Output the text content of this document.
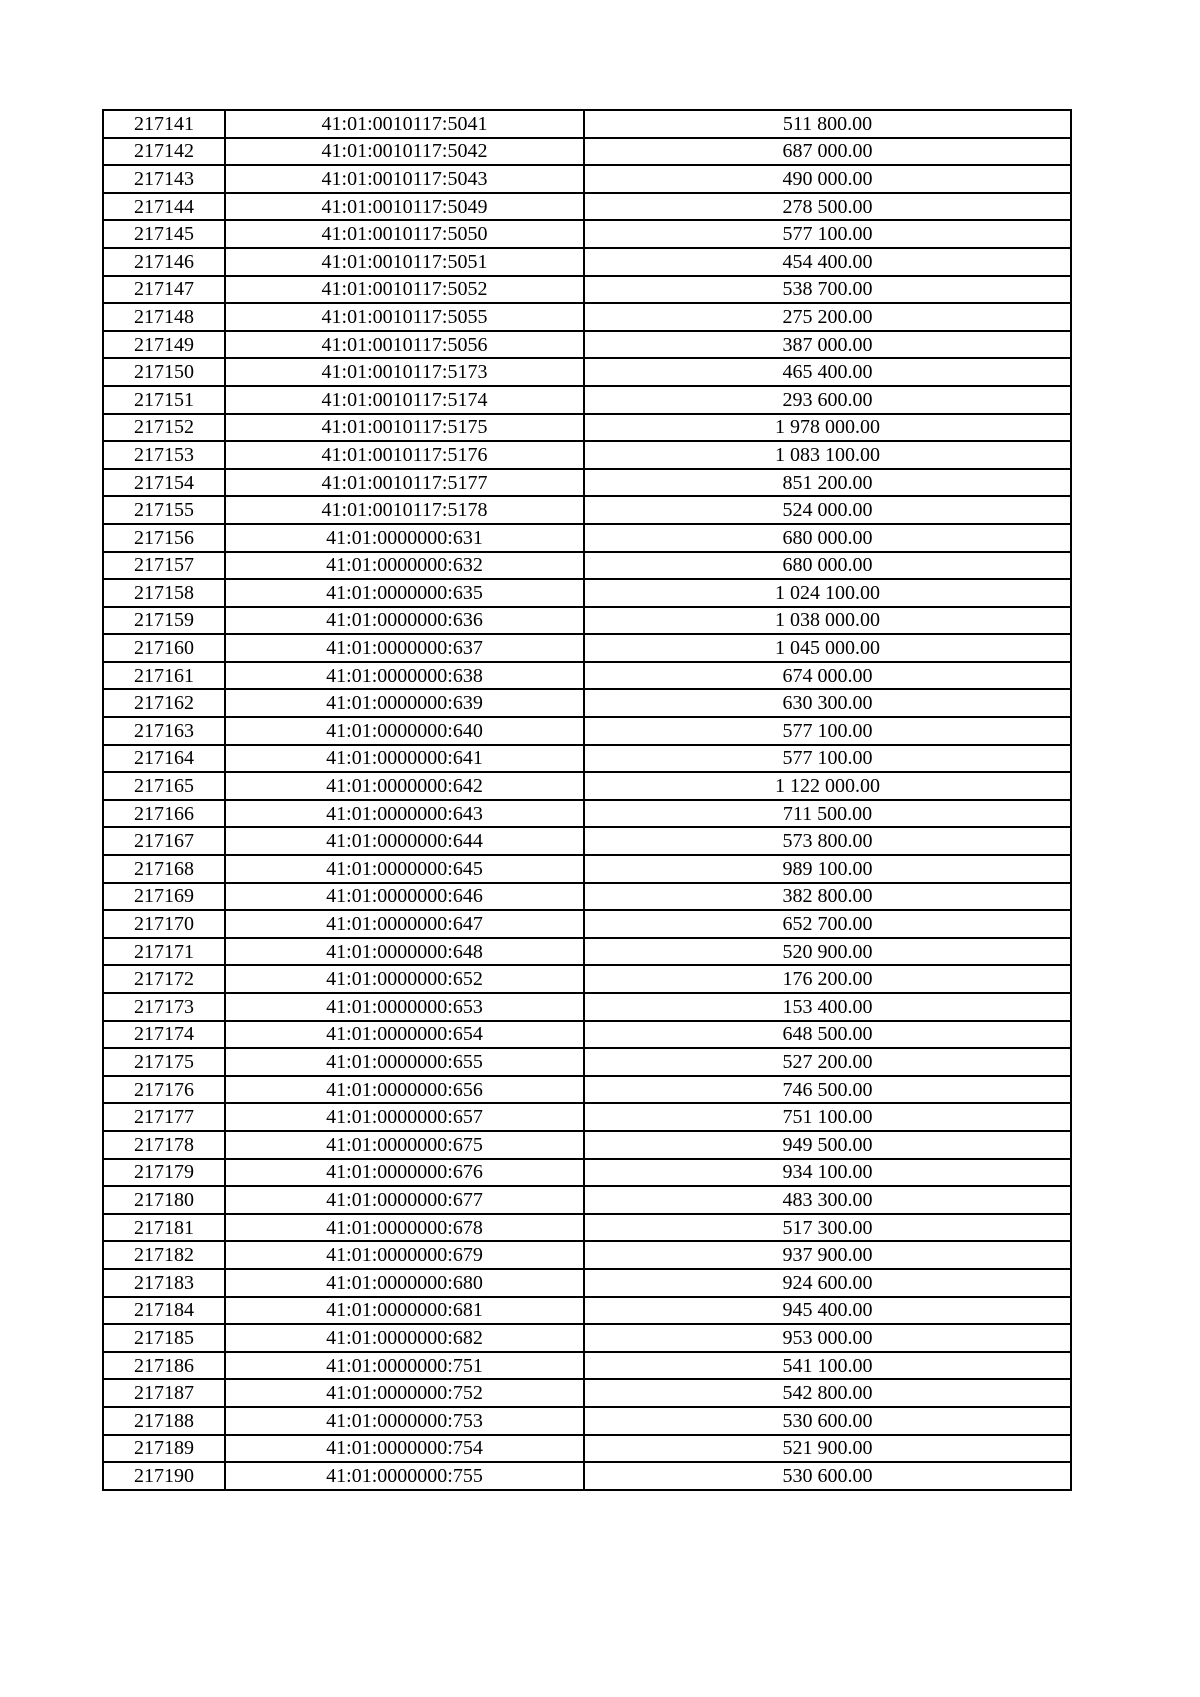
217141	41:01:0010117:5041	511 800.00
217142	41:01:0010117:5042	687 000.00
217143	41:01:0010117:5043	490 000.00
217144	41:01:0010117:5049	278 500.00
217145	41:01:0010117:5050	577 100.00
217146	41:01:0010117:5051	454 400.00
217147	41:01:0010117:5052	538 700.00
217148	41:01:0010117:5055	275 200.00
217149	41:01:0010117:5056	387 000.00
217150	41:01:0010117:5173	465 400.00
217151	41:01:0010117:5174	293 600.00
217152	41:01:0010117:5175	1 978 000.00
217153	41:01:0010117:5176	1 083 100.00
217154	41:01:0010117:5177	851 200.00
217155	41:01:0010117:5178	524 000.00
217156	41:01:0000000:631	680 000.00
217157	41:01:0000000:632	680 000.00
217158	41:01:0000000:635	1 024 100.00
217159	41:01:0000000:636	1 038 000.00
217160	41:01:0000000:637	1 045 000.00
217161	41:01:0000000:638	674 000.00
217162	41:01:0000000:639	630 300.00
217163	41:01:0000000:640	577 100.00
217164	41:01:0000000:641	577 100.00
217165	41:01:0000000:642	1 122 000.00
217166	41:01:0000000:643	711 500.00
217167	41:01:0000000:644	573 800.00
217168	41:01:0000000:645	989 100.00
217169	41:01:0000000:646	382 800.00
217170	41:01:0000000:647	652 700.00
217171	41:01:0000000:648	520 900.00
217172	41:01:0000000:652	176 200.00
217173	41:01:0000000:653	153 400.00
217174	41:01:0000000:654	648 500.00
217175	41:01:0000000:655	527 200.00
217176	41:01:0000000:656	746 500.00
217177	41:01:0000000:657	751 100.00
217178	41:01:0000000:675	949 500.00
217179	41:01:0000000:676	934 100.00
217180	41:01:0000000:677	483 300.00
217181	41:01:0000000:678	517 300.00
217182	41:01:0000000:679	937 900.00
217183	41:01:0000000:680	924 600.00
217184	41:01:0000000:681	945 400.00
217185	41:01:0000000:682	953 000.00
217186	41:01:0000000:751	541 100.00
217187	41:01:0000000:752	542 800.00
217188	41:01:0000000:753	530 600.00
217189	41:01:0000000:754	521 900.00
217190	41:01:0000000:755	530 600.00
